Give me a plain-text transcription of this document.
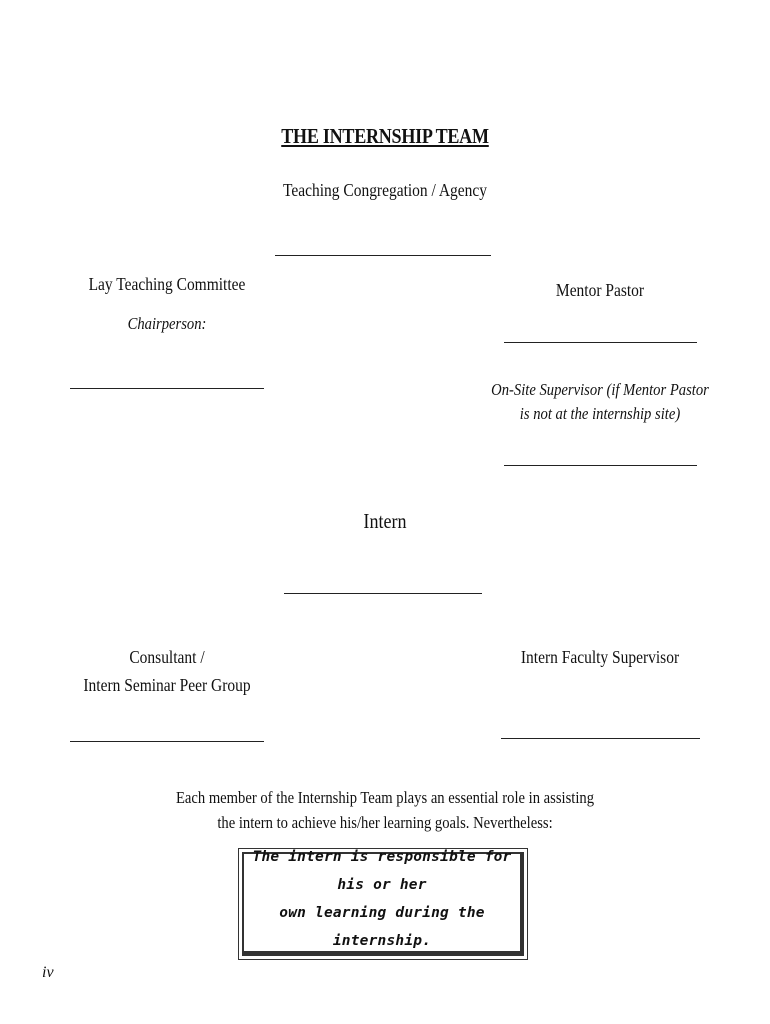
THE INTERNSHIP TEAM
Teaching Congregation / Agency
Lay Teaching Committee
Chairperson:
Mentor Pastor
On-Site Supervisor (if Mentor Pastor
is not at the internship site)
Intern
Consultant /
Intern Seminar Peer Group
Intern Faculty Supervisor
Each member of the Internship Team plays an essential role in assisting
the intern to achieve his/her learning goals. Nevertheless:
The intern is responsible for his or her
own learning during the internship.
iv
